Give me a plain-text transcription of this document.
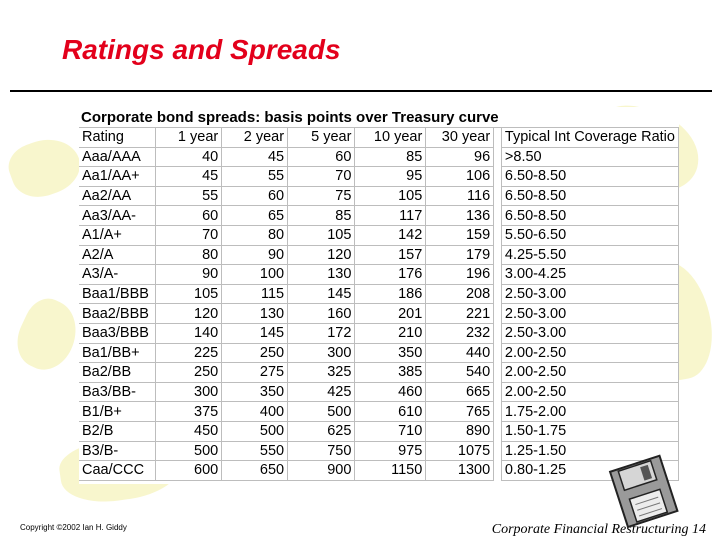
Ratings and Spreads
Corporate bond spreads: basis points over Treasury curve
Rating	1 year	2 year	5 year	10 year	30 year		Typical Int Coverage Ratio
Aaa/AAA	40	45	60	85	96		>8.50
Aa1/AA+	45	55	70	95	106		6.50-8.50
Aa2/AA	55	60	75	105	116		6.50-8.50
Aa3/AA-	60	65	85	117	136		6.50-8.50
A1/A+	70	80	105	142	159		5.50-6.50
A2/A	80	90	120	157	179		4.25-5.50
A3/A-	90	100	130	176	196		3.00-4.25
Baa1/BBB	105	115	145	186	208		2.50-3.00
Baa2/BBB	120	130	160	201	221		2.50-3.00
Baa3/BBB	140	145	172	210	232		2.50-3.00
Ba1/BB+	225	250	300	350	440		2.00-2.50
Ba2/BB	250	275	325	385	540		2.00-2.50
Ba3/BB-	300	350	425	460	665		2.00-2.50
B1/B+	375	400	500	610	765		1.75-2.00
B2/B	450	500	625	710	890		1.50-1.75
B3/B-	500	550	750	975	1075		1.25-1.50
Caa/CCC	600	650	900	1150	1300		0.80-1.25
Copyright ©2002 Ian H. Giddy	Corporate Financial Restructuring 14
